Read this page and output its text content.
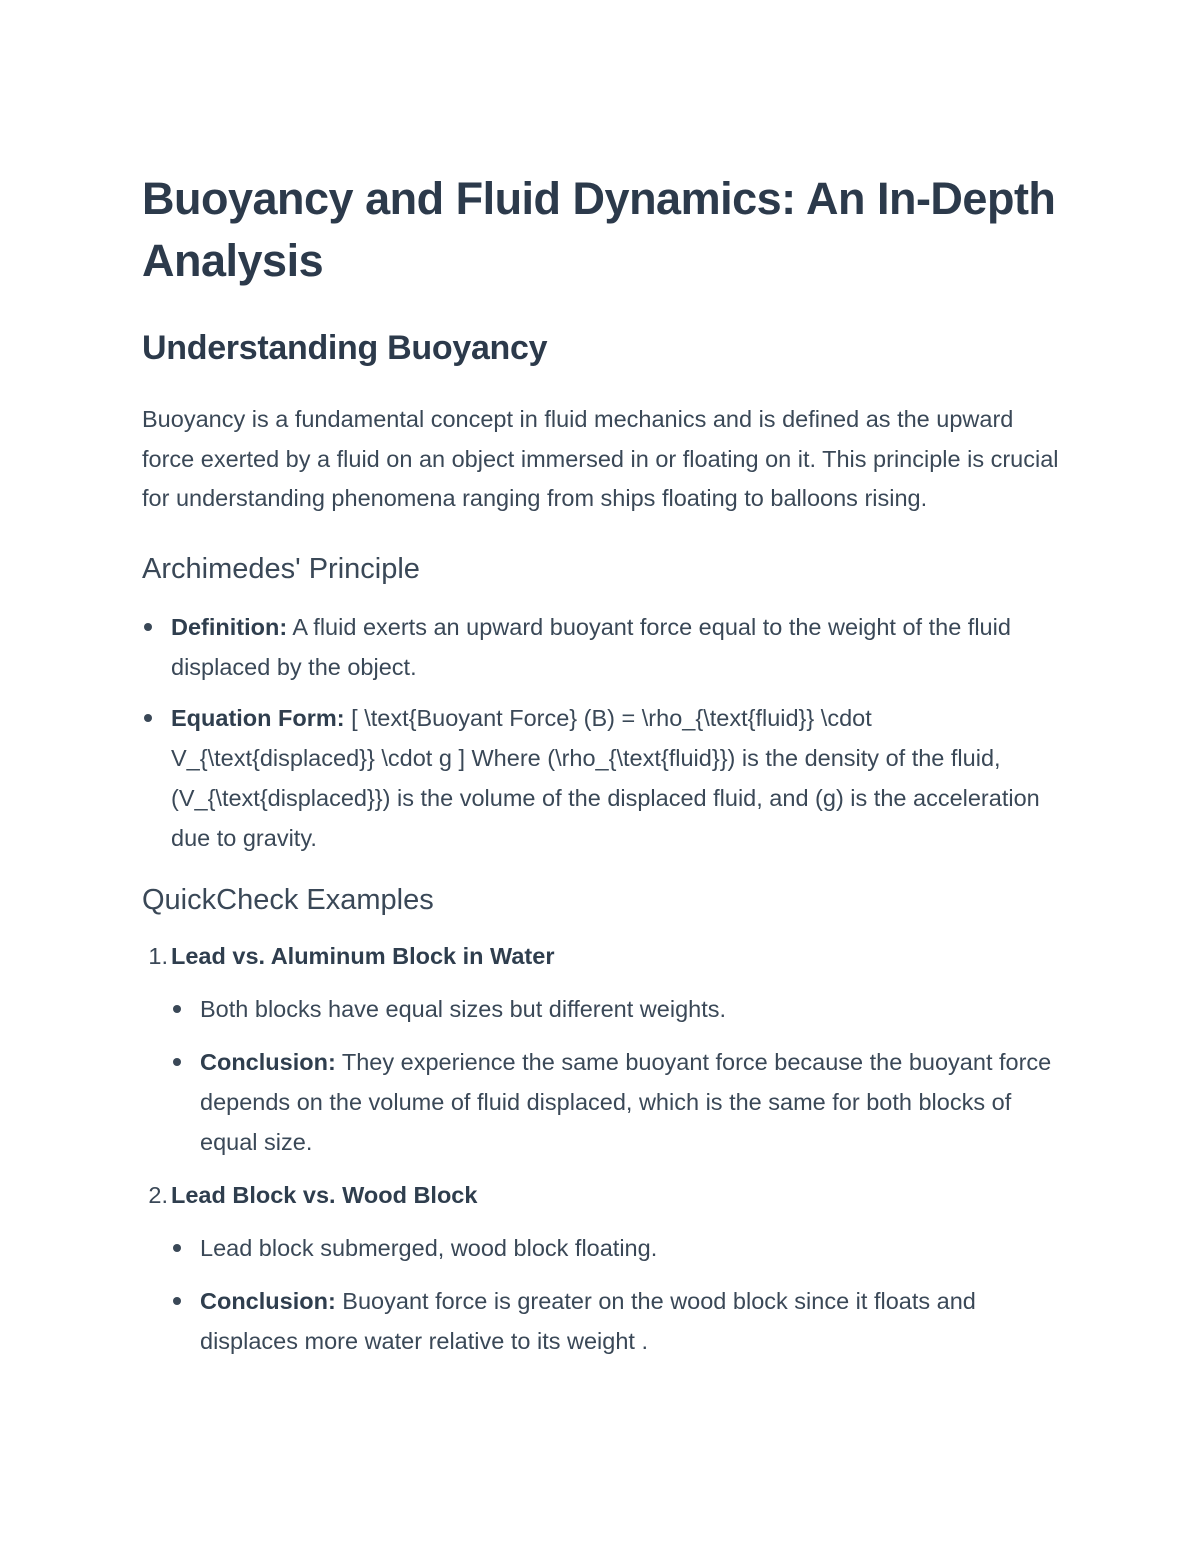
Buoyancy and Fluid Dynamics: An In-Depth Analysis
Understanding Buoyancy

Buoyancy is a fundamental concept in fluid mechanics and is defined as the upward force exerted by a fluid on an object immersed in or floating on it. This principle is crucial for understanding phenomena ranging from ships floating to balloons rising.

Archimedes' Principle
Definition: A fluid exerts an upward buoyant force equal to the weight of the fluid displaced by the object.
Equation Form: [ \text{Buoyant Force} (B) = \rho_{\text{fluid}} \cdot V_{\text{displaced}} \cdot g ] Where (\rho_{\text{fluid}}) is the density of the fluid, (V_{\text{displaced}}) is the volume of the displaced fluid, and (g) is the acceleration due to gravity.
QuickCheck Examples
1. Lead vs. Aluminum Block in Water
Both blocks have equal sizes but different weights.
Conclusion: They experience the same buoyant force because the buoyant force depends on the volume of fluid displaced, which is the same for both blocks of equal size.
2. Lead Block vs. Wood Block
Lead block submerged, wood block floating.
Conclusion: Buoyant force is greater on the wood block since it floats and displaces more water relative to its weight .
